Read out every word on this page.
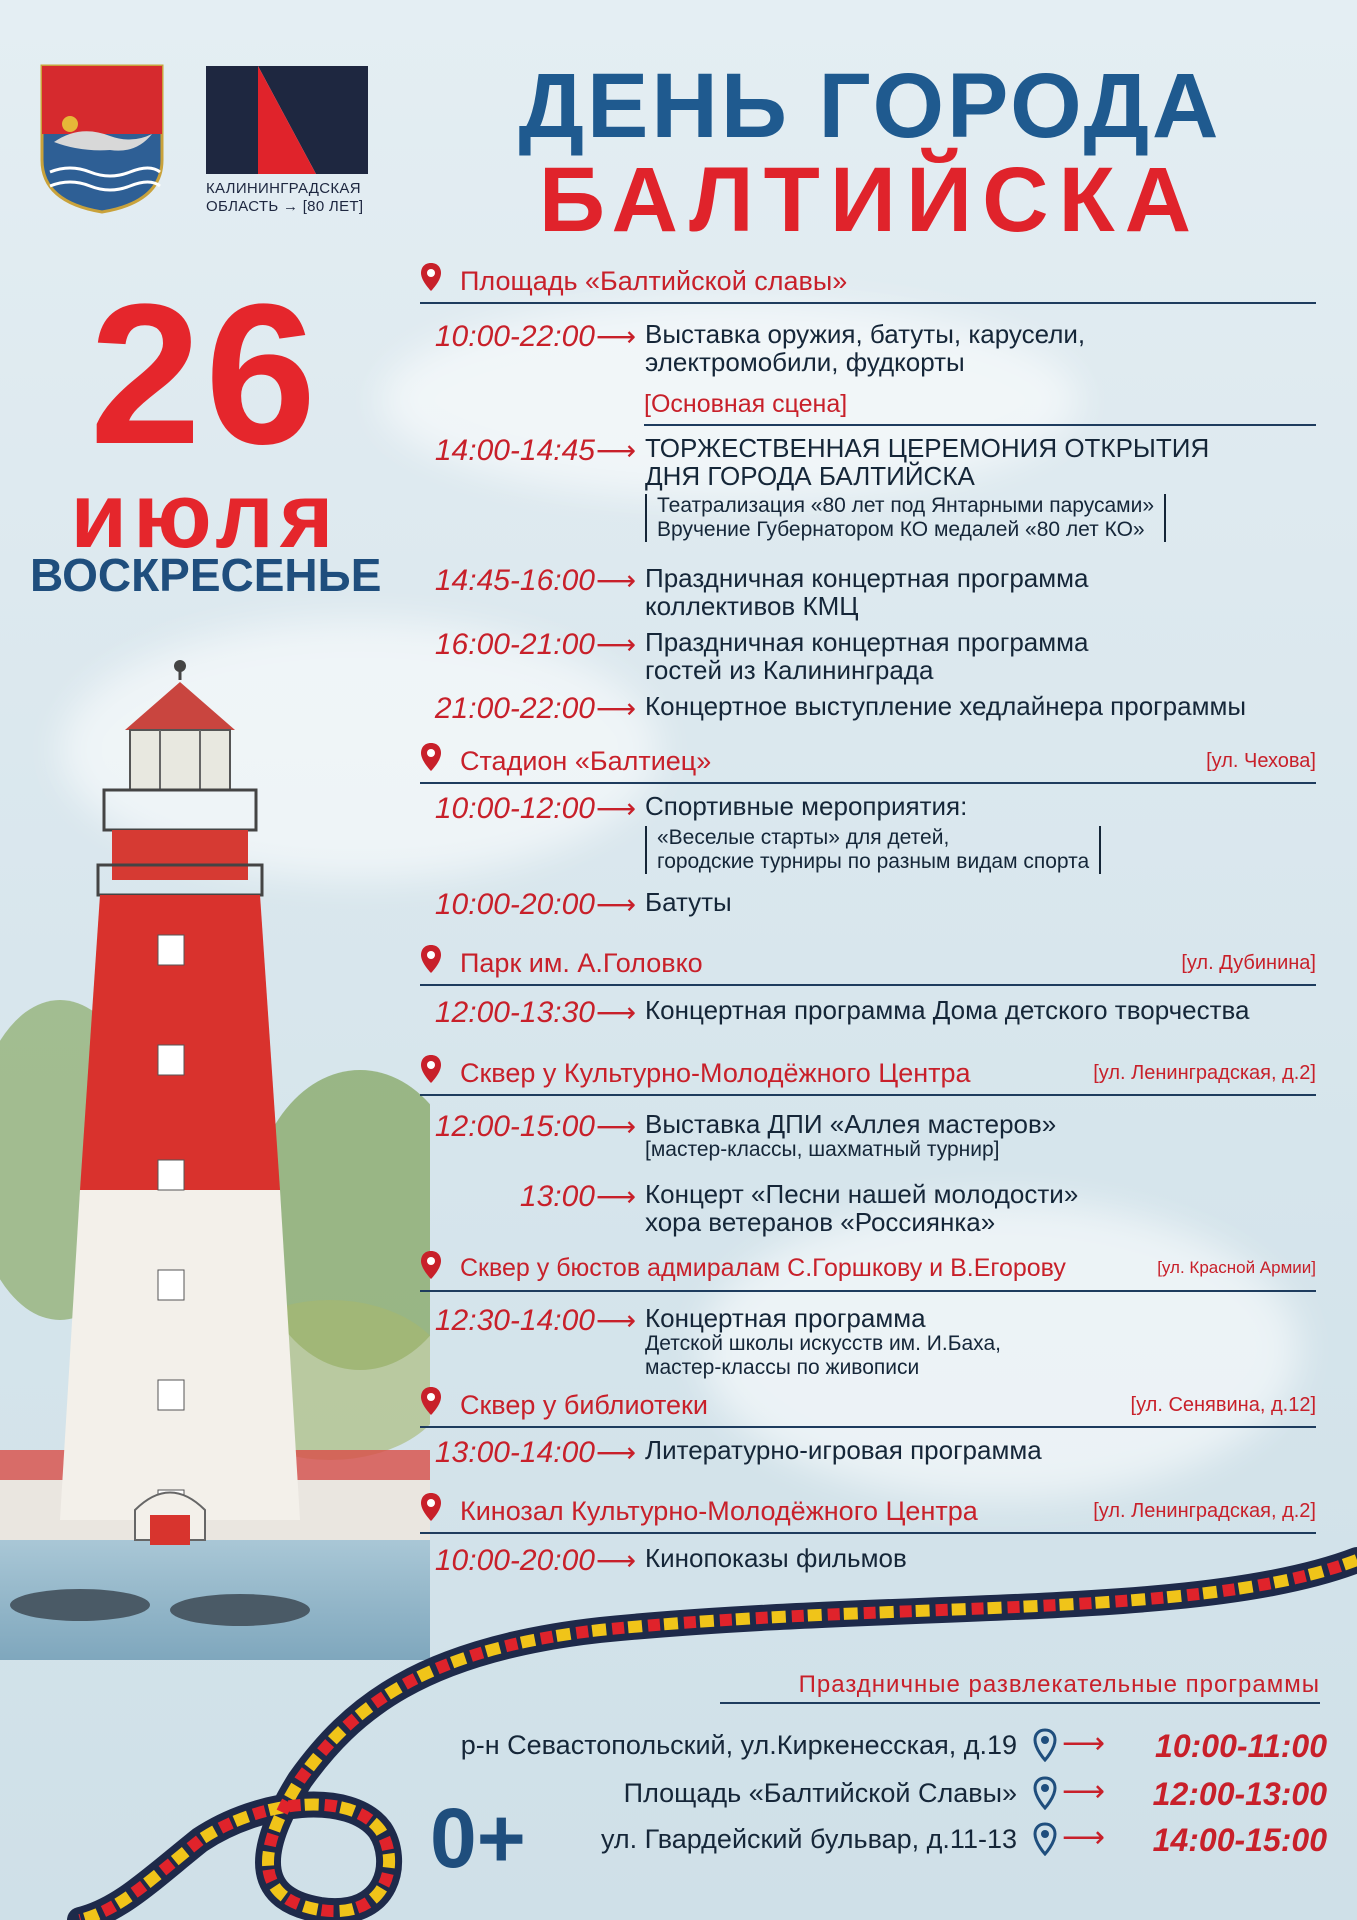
КАЛИНИНГРАДСКАЯ
ОБЛАСТЬ → [80 ЛЕТ]
ДЕНЬ ГОРОДА
БАЛТИЙСКА
26
июля
ВОСКРЕСЕНЬЕ
Площадь «Балтийской славы»
10:00-22:00 ⟶ Выставка оружия, батуты, карусели,
электромобили, фудкорты
[Основная сцена]
14:00-14:45 ⟶ ТОРЖЕСТВЕННАЯ ЦЕРЕМОНИЯ ОТКРЫТИЯ
ДНЯ ГОРОДА БАЛТИЙСКА
Театрализация «80 лет под Янтарными парусами»
Вручение Губернатором КО медалей «80 лет КО»
14:45-16:00 ⟶ Праздничная концертная программа
коллективов КМЦ
16:00-21:00 ⟶ Праздничная концертная программа
гостей из Калининграда
21:00-22:00 ⟶ Концертное выступление хедлайнера программы
Стадион «Балтиец»	[ул. Чехова]
10:00-12:00 ⟶ Спортивные мероприятия:
«Веселые старты» для детей,
городские турниры по разным видам спорта
10:00-20:00 ⟶ Батуты
Парк им. А.Головко	[ул. Дубинина]
12:00-13:30 ⟶ Концертная программа Дома детского творчества
Сквер у Культурно-Молодёжного Центра	[ул. Ленинградская, д.2]
12:00-15:00 ⟶ Выставка ДПИ «Аллея мастеров»
[мастер-классы, шахматный турнир]
13:00 ⟶ Концерт «Песни нашей молодости»
хора ветеранов «Россиянка»
Сквер у бюстов адмиралам С.Горшкову и В.Егорову	[ул. Красной Армии]
12:30-14:00 ⟶ Концертная программа
Детской школы искусств им. И.Баха,
мастер-классы по живописи
Сквер у библиотеки	[ул. Сенявина, д.12]
13:00-14:00 ⟶ Литературно-игровая программа
Кинозал Культурно-Молодёжного Центра	[ул. Ленинградская, д.2]
10:00-20:00 ⟶ Кинопоказы фильмов
Праздничные развлекательные программы
р-н Севастопольский, ул.Киркенесская, д.19 ⟶	10:00-11:00
Площадь «Балтийской Славы» ⟶	12:00-13:00
ул. Гвардейский бульвар, д.11-13 ⟶	14:00-15:00
0+
